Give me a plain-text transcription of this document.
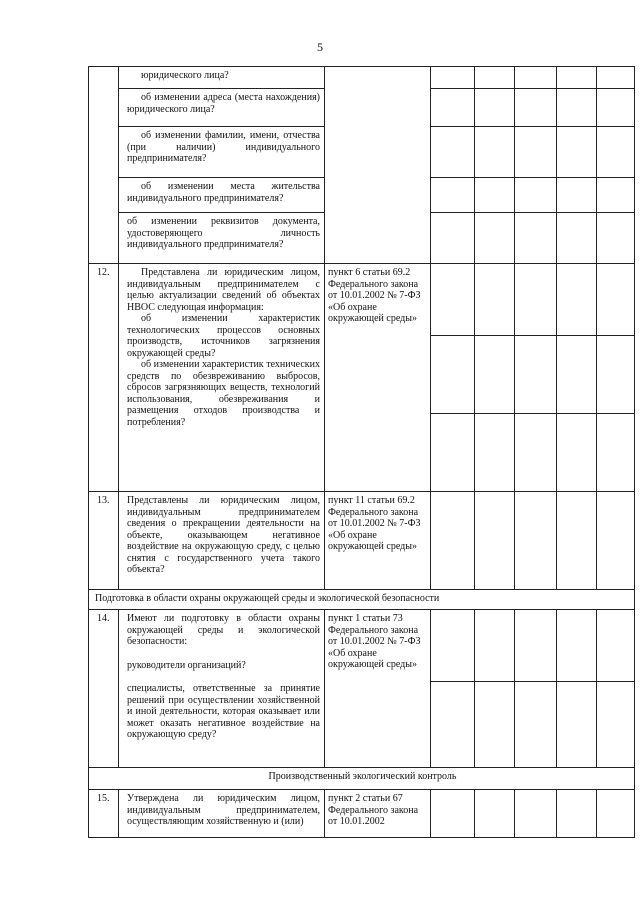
5

	юридического лица?						

	об изменении адреса (места нахождения) юридического лица?						

	об изменении фамилии, имени, отчества (при наличии) индивидуального предпринимателя?						

	об изменении места жительства индивидуального предпринимателя?						

	об изменении реквизитов документа, удостоверяющего личность индивидуального предпринимателя?						

12.	Представлена ли юридическим лицом, индивидуальным предпринимателем с целью актуализации сведений об объектах НВОС следующая информация:

об изменении характеристик технологических процессов основных производств, источников загрязнения окружающей среды?

об изменении характеристик технических средств по обезвреживанию выбросов, сбросов загрязняющих веществ, технологий использования, обезвреживания и размещения отходов производства и потребления?	пункт 6 статьи 69.2 Федерального закона от 10.01.2002 № 7-ФЗ «Об охране окружающей среды»					

13.	Представлены ли юридическим лицом, индивидуальным предпринимателем сведения о прекращении деятельности на объекте, оказывающем негативное воздействие на окружающую среду, с целью снятия с государственного учета такого объекта?	пункт 11 статьи 69.2 Федерального закона от 10.01.2002 № 7-ФЗ «Об охране окружающей среды»					
Подготовка в области охраны окружающей среды и экологической безопасности							
14.	Имеют ли подготовку в области охраны окружающей среды и экологической безопасности:

руководители организаций?

специалисты, ответственные за принятие решений при осуществлении хозяйственной и иной деятельности, которая оказывает или может оказать негативное воздействие на окружающую среду?	пункт 1 статьи 73 Федерального закона от 10.01.2002 № 7-ФЗ «Об охране окружающей среды»					

Производственный экологический контроль							
15.	Утверждена ли юридическим лицом, индивидуальным предпринимателем, осуществляющим хозяйственную и (или)	пункт 2 статьи 67 Федерального закона от 10.01.2002					
